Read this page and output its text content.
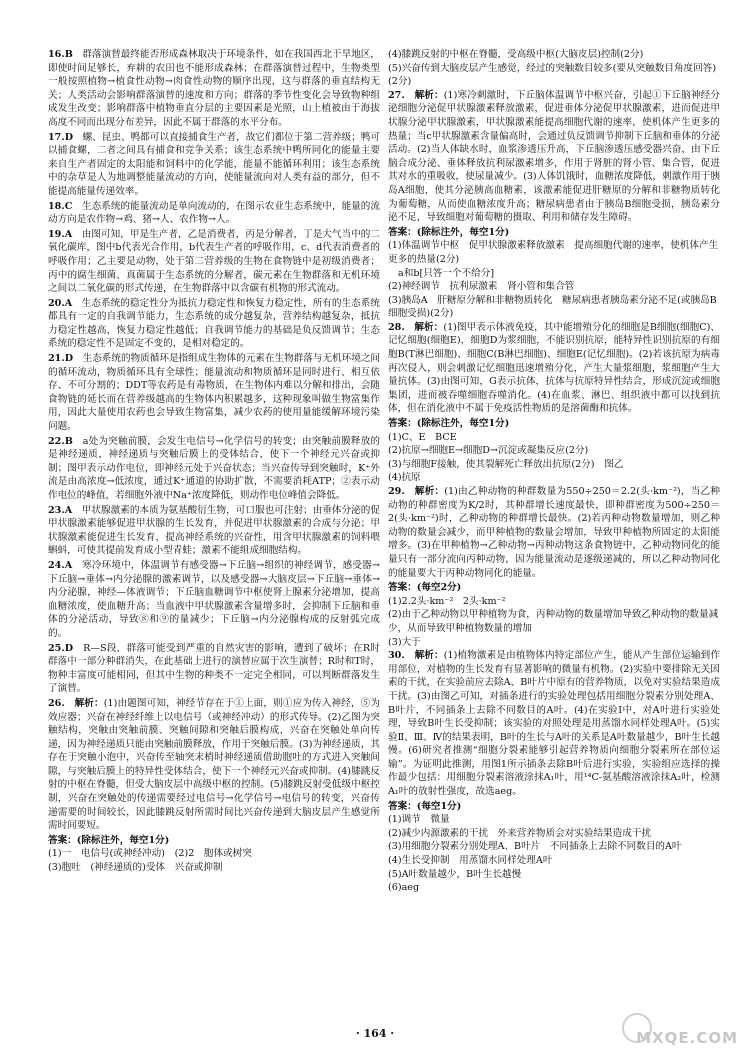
16.B　群落演替最终能否形成森林取决于环境条件，如在我国西北干旱地区，即使时间足够长，弃耕的农田也不能形成森林；在群落演替过程中，生物类型一般按照植物→植食性动物→肉食性动物的顺序出现，这与群落的垂直结构无关；人类活动会影响群落演替的速度和方向；群落的季节性变化会导致物种组成发生改变；影响群落中植物垂直分层的主要因素是光照，山上植被由于海拔高度不同而出现分布差异，因此不属于群落的水平分布。

17.D　螺、昆虫、鸭都可以直接捕食生产者，故它们都位于第二营养级；鸭可以捕食螺，二者之间具有捕食和竞争关系；该生态系统中鸭所同化的能量主要来自生产者固定的太阳能和饲料中的化学能，能量不能循环利用；该生态系统中的杂草是人为地调整能量流动的方向，使能量流向对人类有益的部分，但不能提高能量传递效率。

18.C　生态系统的能量流动是单向流动的，在图示农业生态系统中，能量的流动方向是农作物→鸡、猪→人、农作物→人。

19.A　由图可知，甲是生产者，乙是消费者，丙是分解者，丁是大气当中的二氧化碳库，图中b代表光合作用，b代表生产者的呼吸作用，c、d代表消费者的呼吸作用；乙主要是动物，处于第二营养级的生物在食物链中是初级消费者；丙中的腐生细菌、真菌属于生态系统的分解者，碳元素在生物群落和无机环境之间以二氧化碳的形式传递，在生物群落中以含碳有机物的形式流动。

20.A　生态系统的稳定性分为抵抗力稳定性和恢复力稳定性，所有的生态系统都具有一定的自我调节能力，生态系统的成分越复杂，营养结构越复杂，抵抗力稳定性越高，恢复力稳定性越低；自我调节能力的基础是负反馈调节；生态系统的稳定性不是固定不变的，是相对稳定的。

21.D　生态系统的物质循环是指组成生物体的元素在生物群落与无机环境之间的循环流动，物质循环具有全球性；能量流动和物质循环是同时进行、相互依存、不可分割的；DDT等农药是有毒物质，在生物体内难以分解和排出，会随食物链的延长而在营养级越高的生物体内积累越多，这种现象叫做生物富集作用，因此大量使用农药也会导致生物富集，减少农药的使用量能缓解环境污染问题。

22.B　a处为突触前膜，会发生电信号→化学信号的转变；由突触前膜释放的是神经递质，神经递质与突触后膜上的受体结合，使下一个神经元兴奋或抑制；图甲表示动作电位，即神经元处于兴奋状态；当兴奋传导到突触时，K⁺外流是由高浓度→低浓度，通过K⁺通道的协助扩散，不需要消耗ATP；②表示动作电位的峰值，若细胞外液中Na⁺浓度降低，则动作电位峰值会降低。

23.A　甲状腺激素的本质为氨基酸衍生物，可口服也可注射；由垂体分泌的促甲状腺激素能够促进甲状腺的生长发育，并促进甲状腺激素的合成与分泌；甲状腺激素能促进生长发育，提高神经系统的兴奋性，用含甲状腺激素的饲料喂蝌蚪，可使其提前发育成小型青蛙；激素不能组成细胞结构。

24.A　寒冷环境中，体温调节有感受器→下丘脑→组织的神经调节，感受器→下丘脑→垂体→内分泌腺的激素调节，以及感受器→大脑皮层→下丘脑→垂体→内分泌腺，神经—体液调节；下丘脑血糖调节中枢使肾上腺素分泌增加，提高血糖浓度，使血糖升高；当血液中甲状腺激素含量增多时，会抑制下丘脑和垂体的分泌活动，导致⑧和⑨的量减少；下丘脑→内分泌腺构成的反射弧完成的。

25.D　R—S段，群落可能受到严重的自然灾害的影响，遭到了破坏；在R时群落中一部分种群消失，在此基础上进行的演替应属于次生演替；R时和T时，物种丰富度可能相同，但其中生物的种类不一定完全相同，可以判断群落发生了演替。

26.　解析：(1)由题图可知，神经节存在于①上面，则①应为传入神经，⑤为效应器；兴奋在神经纤维上以电信号（或神经冲动）的形式传导。(2)乙图为突触结构，突触由突触前膜、突触间隙和突触后膜构成，兴奋在突触处单向传递，因为神经递质只能由突触前膜释放，作用于突触后膜。(3)为神经递质，其存在于突触小泡中，兴奋传至轴突末梢时神经递质借助胞吐的方式进入突触间隙，与突触后膜上的特异性受体结合，使下一个神经元兴奋或抑制。(4)膝跳反射的中枢在脊髓，但受大脑皮层中高级中枢的控制。(5)膝跳反射受低级中枢控制，兴奋在突触处的传递需要经过电信号→化学信号→电信号的转变，兴奋传递需要的时间较长，因此膝跳反射所需时间比兴奋传递到大脑皮层产生感觉所需时间要短。

答案：(除标注外，每空1分)

(1)一　电信号(或神经冲动)　(2)2　胞体或树突

(3)胞吐　(神经递质的)受体　兴奋或抑制

(4)膝跳反射的中枢在脊髓，受高级中枢(大脑皮层)控制(2分)

(5)兴奋传到大脑皮层产生感觉，经过的突触数目较多(要从突触数目角度回答)(2分)

27.　解析：(1)寒冷刺激时，下丘脑体温调节中枢兴奋，引起①下丘脑神经分泌细胞分泌促甲状腺激素释放激素，促进垂体分泌促甲状腺激素，进而促进甲状腺分泌甲状腺激素，甲状腺激素能提高细胞代谢的速率，使机体产生更多的热量；当c甲状腺激素含量偏高时，会通过负反馈调节抑制下丘脑和垂体的分泌活动。(2)当人体缺水时，血浆渗透压升高，下丘脑渗透压感受器兴奋，由下丘脑合成分泌、垂体释放抗利尿激素增多，作用于肾脏的肾小管、集合管，促进其对水的重吸收，使尿量减少。(3)人体饥饿时，血糖浓度降低，刺激作用于胰岛A细胞，使其分泌胰高血糖素，该激素能促进肝糖原的分解和非糖物质转化为葡萄糖，从而使血糖浓度升高；糖尿病患者由于胰岛B细胞受损，胰岛素分泌不足，导致细胞对葡萄糖的摄取、利用和储存发生障碍。

答案：(除标注外，每空1分)

(1)体温调节中枢　促甲状腺激素释放激素　提高细胞代谢的速率，使机体产生更多的热量(2分)

a和b[只答一个不给分]

(2)神经调节　抗利尿激素　肾小管和集合管

(3)胰岛A　肝糖原分解和非糖物质转化　糖尿病患者胰岛素分泌不足(或胰岛B细胞受损)(2分)

28.　解析：(1)图甲表示体液免疫，其中能增殖分化的细胞是B细胞(细胞C)、记忆细胞(细胞E)，细胞D为浆细胞，不能识别抗原，能特异性识别抗原的有细胞B(T淋巴细胞)、细胞C(B淋巴细胞)、细胞E(记忆细胞)。(2)若该抗原为病毒再次侵入，则会刺激记忆细胞迅速增殖分化，产生大量浆细胞，浆细胞产生大量抗体。(3)由图可知，G表示抗体，抗体与抗原特异性结合，形成沉淀或细胞集团，进而被吞噬细胞吞噬消化。(4)在血浆、淋巴、组织液中都可以找到抗体，但在消化液中不属于免疫活性物质的是溶菌酶和抗体。

答案：(除标注外，每空1分)

(1)C、E　BCE

(2)抗原→细胞E→细胞D→沉淀或凝集反应(2分)

(3)与细胞F接触，使其裂解死亡释放出抗原(2分)　图乙

(4)抗原

29.　解析：(1)由乙种动物的种群数量为550÷250＝2.2(头·km⁻²)，当乙种动物的种群密度为K/2时，其种群增长速度最快，即种群密度为500÷250＝2(头·km⁻²)时，乙种动物的种群增长最快。(2)若丙种动物数量增加，则乙种动物的数量会减少，而甲种植物的数量会增加，导致甲种植物所固定的太阳能增多。(3)在甲种植物→乙种动物→丙种动物这条食物链中，乙种动物同化的能量只有一部分流向丙种动物，因为能量流动是逐级递减的，所以乙种动物同化的能量要大于丙种动物同化的能量。

答案：(每空2分)

(1)2.2头·km⁻²　2头·km⁻²

(2)由于乙种动物以甲种植物为食，丙种动物的数量增加导致乙种动物的数量减少，从而导致甲种植物数量的增加

(3)大于

30.　解析：(1)植物激素是由植物体内特定部位产生，能从产生部位运输到作用部位，对植物的生长发育有显著影响的微量有机物。(2)实验中要排除无关因素的干扰，在实验前应去除A、B叶片中原有的营养物质，以免对实验结果造成干扰。(3)由图乙可知，对插条进行的实验处理包括用细胞分裂素分别处理A、B叶片，不同插条上去除不同数目的A叶。(4)在实验Ⅰ中，对A叶进行实验处理，导致B叶生长受抑制；该实验的对照处理是用蒸馏水同样处理A叶。(5)实验Ⅱ、Ⅲ、Ⅳ的结果表明，B叶的生长与A叶的关系是A叶数量越少，B叶生长越慢。(6)研究者推测“细胞分裂素能够引起营养物质向细胞分裂素所在部位运输”。为证明此推测，用图1所示插条去除B叶后进行实验，实验组应选择的操作最少包括：用细胞分裂素溶液涂抹A₁叶，用¹⁴C-氨基酸溶液涂抹A₂叶，检测A₁叶的放射性强度，故选aeg。

答案：(每空1分)

(1)调节　微量

(2)减少内源激素的干扰　外来营养物质会对实验结果造成干扰

(3)用细胞分裂素分别处理A、B叶片　不同插条上去除不同数目的A叶

(4)生长受抑制　用蒸馏水同样处理A叶

(5)A叶数量越少，B叶生长越慢

(6)aeg

· 164 ·	MXQE.COM
